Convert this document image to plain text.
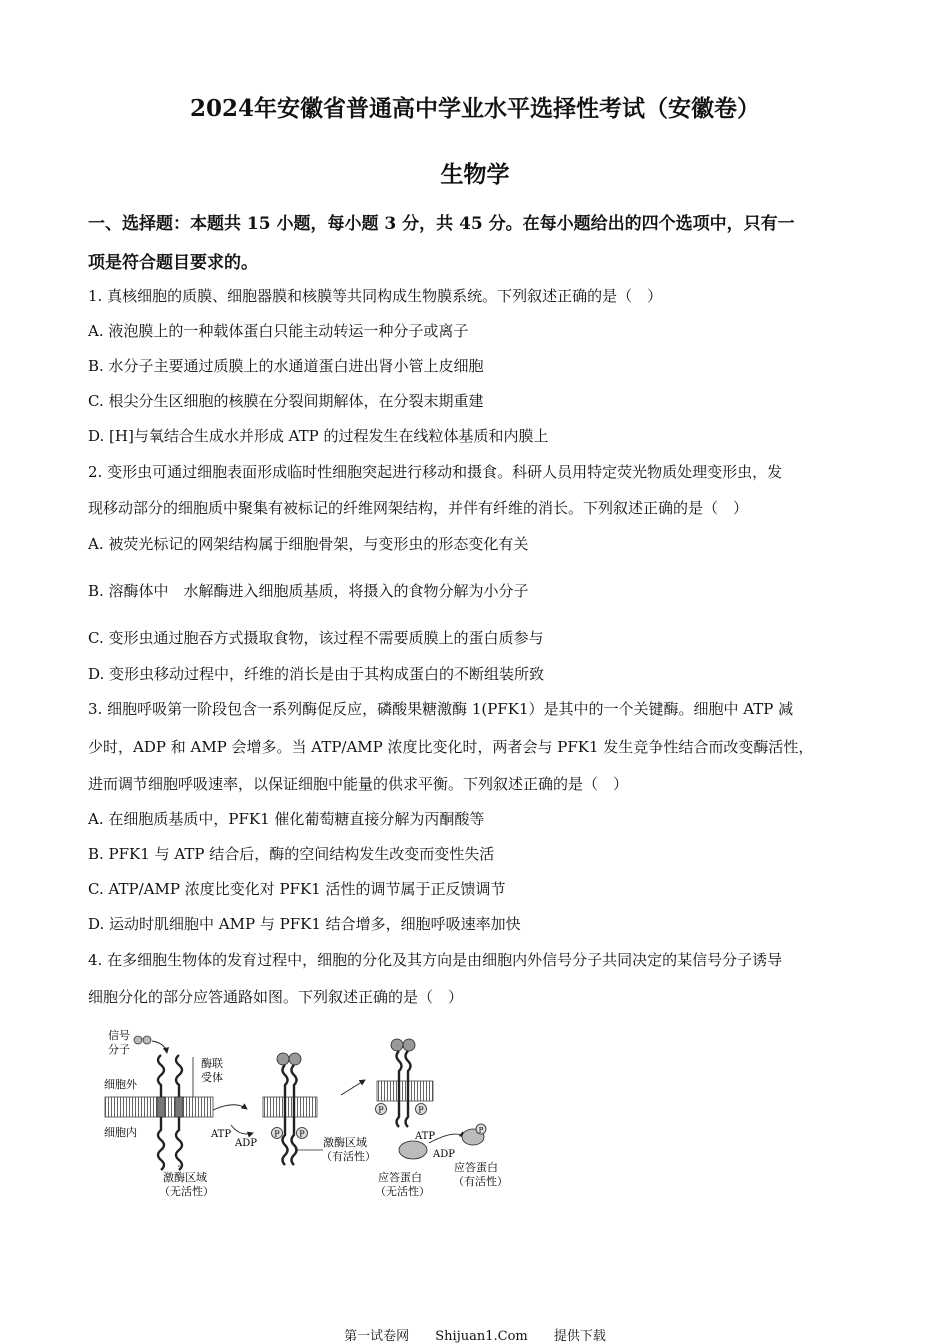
2024年安徽省普通高中学业水平选择性考试（安徽卷）
生物学
一、选择题：本题共 15 小题，每小题 3 分，共 45 分。在每小题给出的四个选项中，只有一
项是符合题目要求的。
1. 真核细胞的质膜、细胞器膜和核膜等共同构成生物膜系统。下列叙述正确的是（　）
A. 液泡膜上的一种载体蛋白只能主动转运一种分子或离子
B. 水分子主要通过质膜上的水通道蛋白进出肾小管上皮细胞
C. 根尖分生区细胞的核膜在分裂间期解体，在分裂末期重建
D. [H]与氧结合生成水并形成 ATP 的过程发生在线粒体基质和内膜上
2. 变形虫可通过细胞表面形成临时性细胞突起进行移动和摄食。科研人员用特定荧光物质处理变形虫，发
现移动部分的细胞质中聚集有被标记的纤维网架结构，并伴有纤维的消长。下列叙述正确的是（　）
A. 被荧光标记的网架结构属于细胞骨架，与变形虫的形态变化有关
B. 溶酶体中　水解酶进入细胞质基质，将摄入的食物分解为小分子
C. 变形虫通过胞吞方式摄取食物，该过程不需要质膜上的蛋白质参与
D. 变形虫移动过程中，纤维的消长是由于其构成蛋白的不断组装所致
3. 细胞呼吸第一阶段包含一系列酶促反应，磷酸果糖激酶 1(PFK1）是其中的一个关键酶。细胞中 ATP 减
少时，ADP 和 AMP 会增多。当 ATP/AMP 浓度比变化时，两者会与 PFK1 发生竞争性结合而改变酶活性，
进而调节细胞呼吸速率，以保证细胞中能量的供求平衡。下列叙述正确的是（　）
A. 在细胞质基质中，PFK1 催化葡萄糖直接分解为丙酮酸等
B. PFK1 与 ATP 结合后，酶的空间结构发生改变而变性失活
C. ATP/AMP 浓度比变化对 PFK1 活性的调节属于正反馈调节
D. 运动时肌细胞中 AMP 与 PFK1 结合增多，细胞呼吸速率加快
4. 在多细胞生物体的发育过程中，细胞的分化及其方向是由细胞内外信号分子共同决定的某信号分子诱导
细胞分化的部分应答通路如图。下列叙述正确的是（　）
信号
分子
细胞外
细胞内
酶联
受体
激酶区域
（无活性）
ATP
ADP
P P
激酶区域
（有活性）
P	P
ATP
ADP
P
应答蛋白
（无活性）
应答蛋白
（有活性）
第一试卷网 Shijuan1.Com 提供下载
